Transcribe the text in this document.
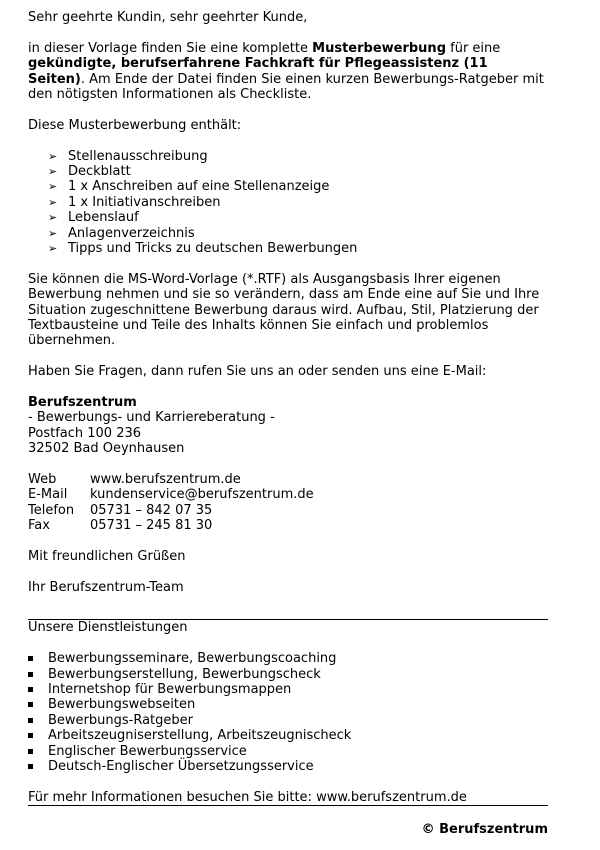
Sehr geehrte Kundin, sehr geehrter Kunde,

in dieser Vorlage finden Sie eine komplette Musterbewerbung für eine gekündigte, berufserfahrene Fachkraft für Pflegeassistenz (11 Seiten). Am Ende der Datei finden Sie einen kurzen Bewerbungs-Ratgeber mit den nötigsten Informationen als Checkliste.

Diese Musterbewerbung enthält:

➢ Stellenausschreibung
➢ Deckblatt
➢ 1 x Anschreiben auf eine Stellenanzeige
➢ 1 x Initiativanschreiben
➢ Lebenslauf
➢ Anlagenverzeichnis
➢ Tipps und Tricks zu deutschen Bewerbungen

Sie können die MS-Word-Vorlage (*.RTF) als Ausgangsbasis Ihrer eigenen Bewerbung nehmen und sie so verändern, dass am Ende eine auf Sie und Ihre Situation zugeschnittene Bewerbung daraus wird. Aufbau, Stil, Platzierung der Textbausteine und Teile des Inhalts können Sie einfach und problemlos übernehmen.

Haben Sie Fragen, dann rufen Sie uns an oder senden uns eine E-Mail:

Berufszentrum

- Bewerbungs- und Karriereberatung -

Postfach 100 236

32502 Bad Oeynhausen

Web	www.berufszentrum.de
E-Mail	kundenservice@berufszentrum.de
Telefon	05731 – 842 07 35
Fax	05731 – 245 81 30

Mit freundlichen Grüßen

Ihr Berufszentrum-Team

Unsere Dienstleistungen

Bewerbungsseminare, Bewerbungscoaching
Bewerbungserstellung, Bewerbungscheck
Internetshop für Bewerbungsmappen
Bewerbungswebseiten
Bewerbungs-Ratgeber
Arbeitszeugniserstellung, Arbeitszeugnischeck
Englischer Bewerbungsservice
Deutsch-Englischer Übersetzungsservice

Für mehr Informationen besuchen Sie bitte: www.berufszentrum.de

© Berufszentrum
